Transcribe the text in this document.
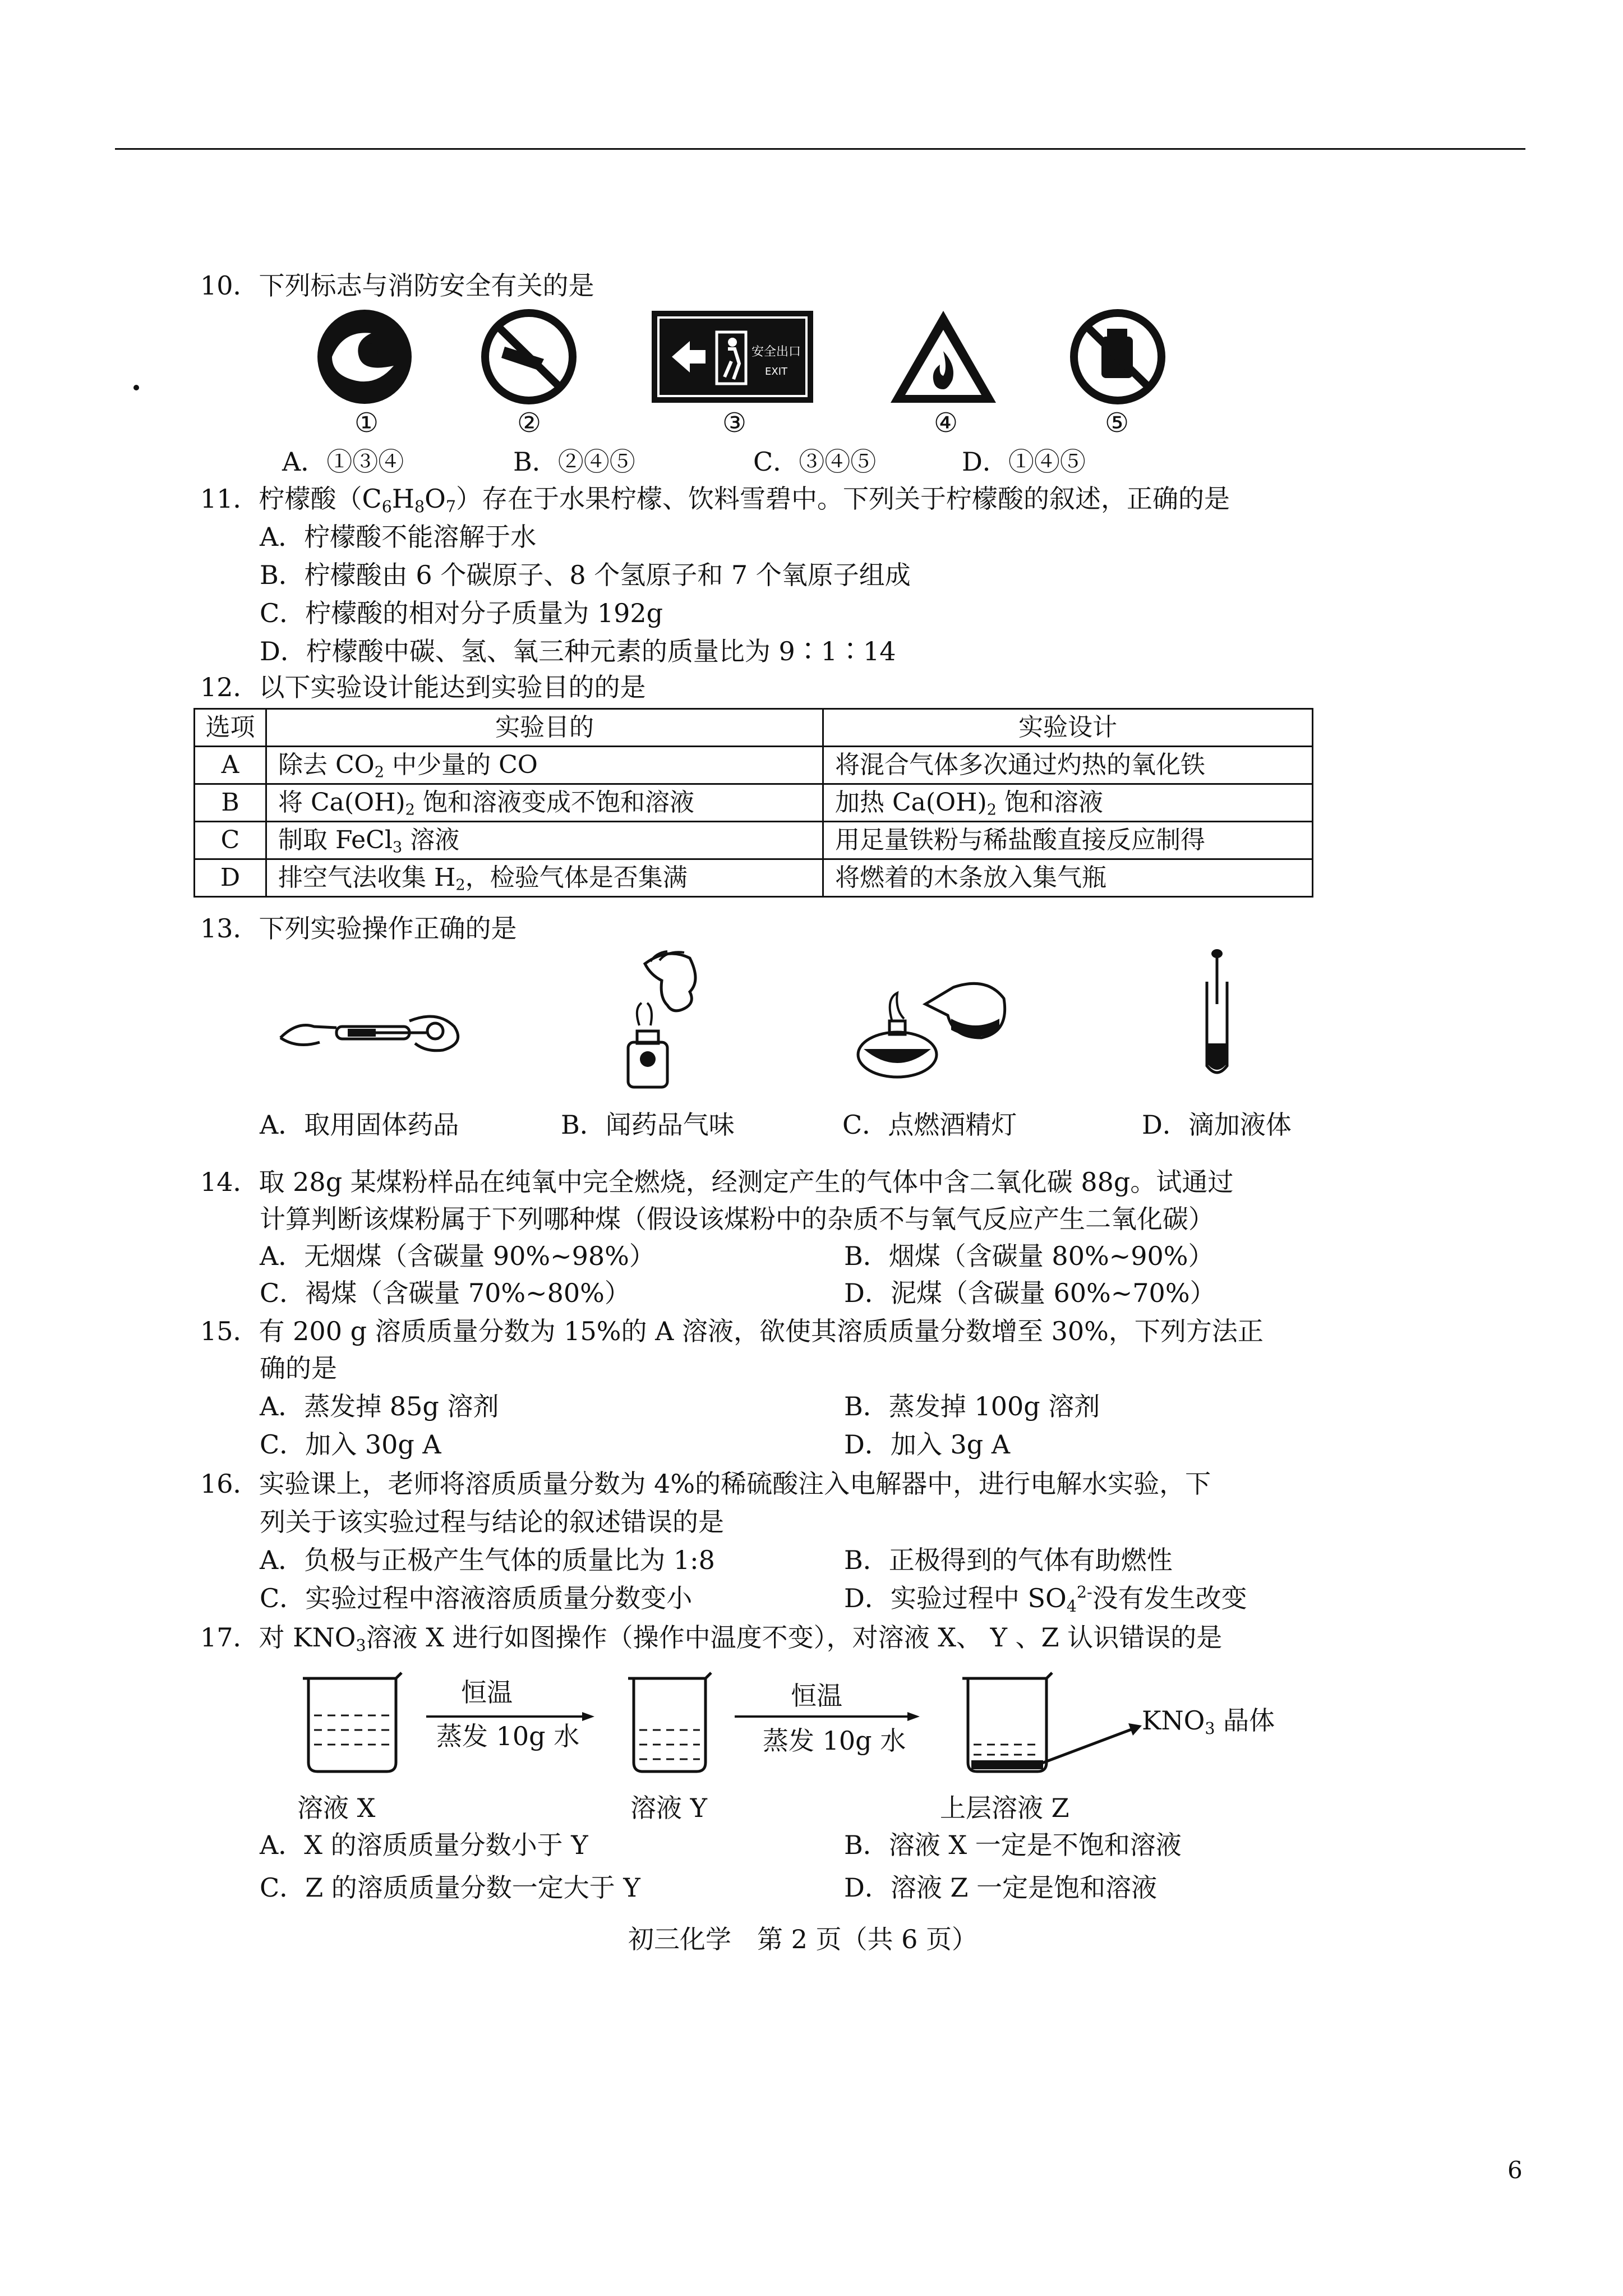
10．下列标志与消防安全有关的是
安全出口
EXIT
①	②	③	④	⑤
A．①③④	B．②④⑤	C．③④⑤	D．①④⑤
11．柠檬酸$(C_6H_8O_7)$存在于水果柠檬、饮料雪碧中。下列关于柠檬酸的叙述，正确的是
A．柠檬酸不能溶解于水
B．柠檬酸由 6 个碳原子、8 个氢原子和 7 个氧原子组成
C．柠檬酸的相对分子质量为 192g
D．柠檬酸中碳、氢、氧三种元素的质量比为 9∶1∶14
12．以下实验设计能达到实验目的的是
选项	实验目的	实验设计
A	除去 $CO_2$ 中少量的 CO	将混合气体多次通过灼热的氧化铁
B	将 $Ca(OH)_2$ 饱和溶液变成不饱和溶液	加热 $Ca(OH)_2$ 饱和溶液
C	制取 FeCl$_3$ 溶液	用足量铁粉与稀盐酸直接反应制得
D	排空气法收集 $H_2$，检验气体是否集满	将燃着的木条放入集气瓶
13．下列实验操作正确的是
A．取用固体药品	B．闻药品气味	C．点燃酒精灯	D．滴加液体
14．取 28g 某煤粉样品在纯氧中完全燃烧，经测定产生的气体中含二氧化碳 88g。试通过
计算判断该煤粉属于下列哪种煤（假设该煤粉中的杂质不与氧气反应产生二氧化碳）
A．无烟煤（含碳量 90%~98%）	B．烟煤（含碳量 80%~90%）
C．褐煤（含碳量 70%~80%）	D．泥煤（含碳量 60%~70%）
15．有 200 g 溶质质量分数为 15%的 A 溶液，欲使其溶质质量分数增至 30%，下列方法正
确的是
A．蒸发掉 85g 溶剂	B．蒸发掉 100g 溶剂
C．加入 30g A	D．加入 3g A
16．实验课上，老师将溶质质量分数为 4%的稀硫酸注入电解器中，进行电解水实验，下
列关于该实验过程与结论的叙述错误的是
A．负极与正极产生气体的质量比为 1:8	B．正极得到的气体有助燃性
C．实验过程中溶液溶质质量分数变小	D．实验过程中 $SO_4^{2-}$没有发生改变
17．对 $KNO_3$溶液 X 进行如图操作（操作中温度不变），对溶液 X、 Y 、Z 认识错误的是
恒温
蒸发 10g 水
恒温
蒸发 10g 水
$KNO_3$ 晶体
溶液 X	溶液 Y	上层溶液 Z
A．X 的溶质质量分数小于 Y	B．溶液 X 一定是不饱和溶液
C．Z 的溶质质量分数一定大于 Y	D．溶液 Z 一定是饱和溶液
初三化学　第 2 页（共 6 页）
6
